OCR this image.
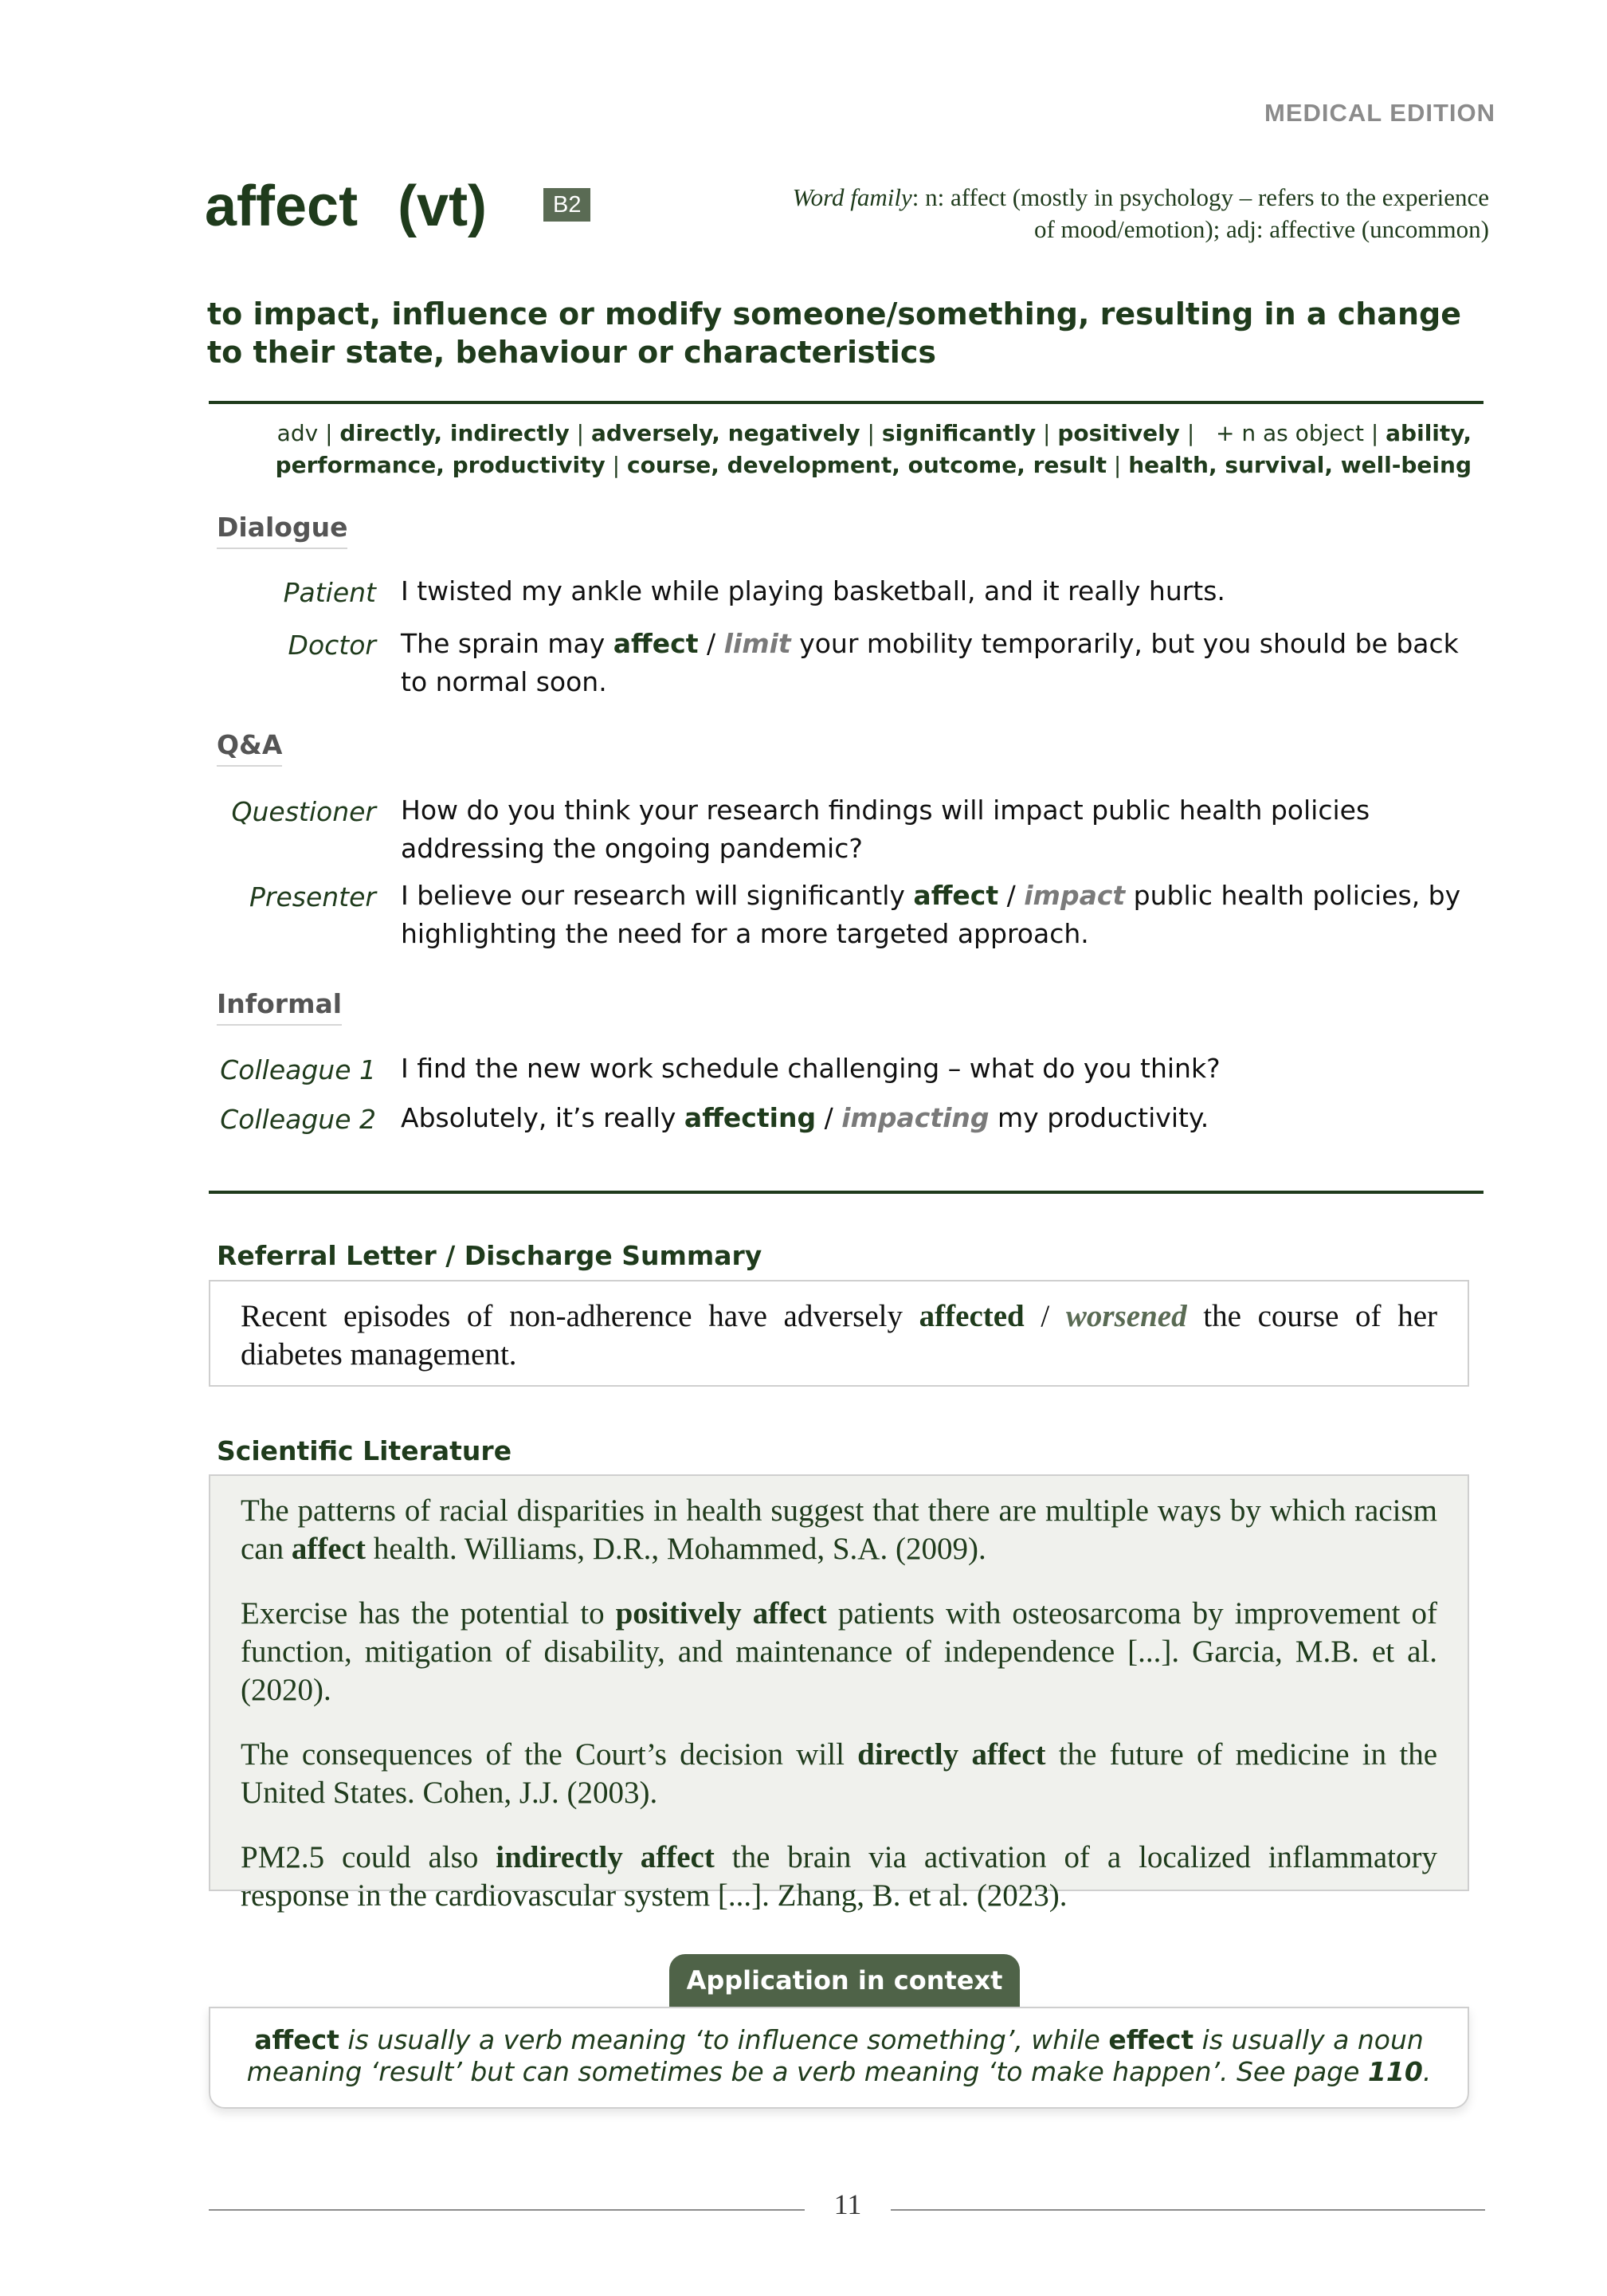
MEDICAL EDITION
affect (vt)	B2	Word family: n: affect (mostly in psychology – refers to the experience
of mood/emotion); adj: affective (uncommon)
to impact, influence or modify someone/something, resulting in a change to their state, behaviour or characteristics
adv | directly, indirectly | adversely, negatively | significantly | positively |   + n as object | ability, performance, productivity | course, development, outcome, result | health, survival, well-being
Dialogue
Patient I twisted my ankle while playing basketball, and it really hurts.
Doctor The sprain may affect / limit your mobility temporarily, but you should be back to normal soon.
Q&A
Questioner How do you think your research findings will impact public health policies addressing the ongoing pandemic?
Presenter I believe our research will significantly affect / impact public health policies, by highlighting the need for a more targeted approach.
Informal
Colleague 1 I find the new work schedule challenging – what do you think?
Colleague 2 Absolutely, it’s really affecting / impacting my productivity.
Referral Letter / Discharge Summary
Recent episodes of non-adherence have adversely affected / worsened the course of her diabetes management.
Scientific Literature

The patterns of racial disparities in health suggest that there are multiple ways by which racism can affect health. Williams, D.R., Mohammed, S.A. (2009).

Exercise has the potential to positively affect patients with osteosarcoma by improvement of function, mitigation of disability, and maintenance of independence [...]. Garcia, M.B. et al. (2020).

The consequences of the Court’s decision will directly affect the future of medicine in the United States. Cohen, J.J. (2003).

PM2.5 could also indirectly affect the brain via activation of a localized inflammatory response in the cardiovascular system [...]. Zhang, B. et al. (2023).

Application in context
affect is usually a verb meaning ‘to influence something’, while effect is usually a noun meaning ‘result’ but can sometimes be a verb meaning ‘to make happen’. See page 110.
11
